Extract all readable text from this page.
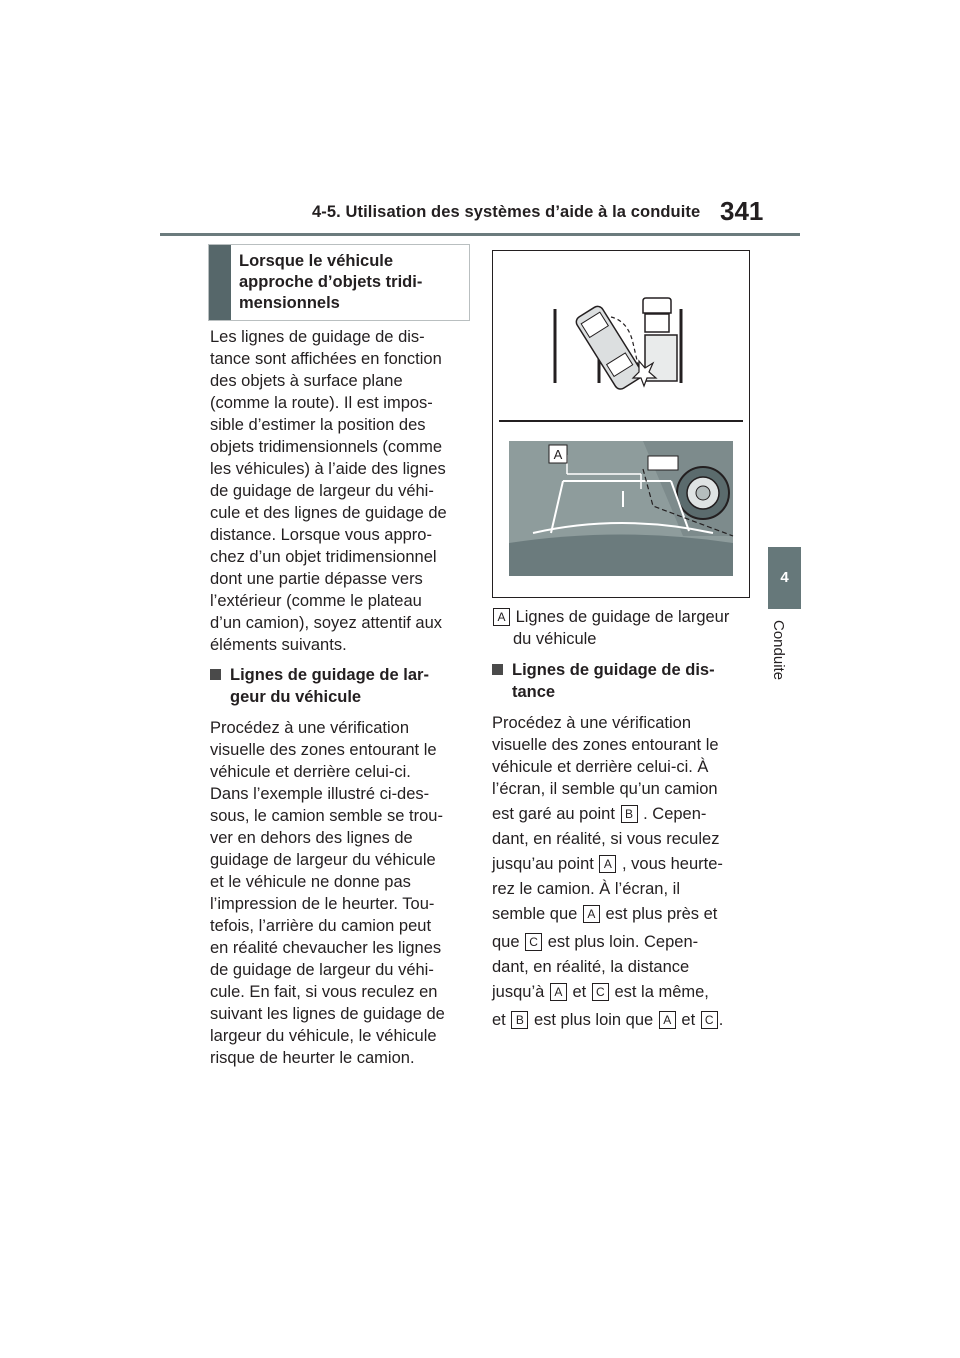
4-5. Utilisation des systèmes d’aide à la conduite 341
4
Conduite
Lorsque le véhicule approche d’objets tridi-mensionnels
Les lignes de guidage de dis-
tance sont affichées en fonction
des objets à surface plane
(comme la route). Il est impos-
sible d’estimer la position des
objets tridimensionnels (comme
les véhicules) à l’aide des lignes
de guidage de largeur du véhi-
cule et des lignes de guidage de
distance. Lorsque vous appro-
chez d’un objet tridimensionnel
dont une partie dépasse vers
l’extérieur (comme le plateau
d’un camion), soyez attentif aux
éléments suivants.
Lignes de guidage de lar-
geur du véhicule
Procédez à une vérification
visuelle des zones entourant le
véhicule et derrière celui-ci.
Dans l’exemple illustré ci-des-
sous, le camion semble se trou-
ver en dehors des lignes de
guidage de largeur du véhicule
et le véhicule ne donne pas
l’impression de le heurter. Tou-
tefois, l’arrière du camion peut
en réalité chevaucher les lignes
de guidage de largeur du véhi-
cule. En fait, si vous reculez en
suivant les lignes de guidage de
largeur du véhicule, le véhicule
risque de heurter le camion.
A
A Lignes de guidage de largeur
du véhicule
Lignes de guidage de dis-
tance
Procédez à une vérification
visuelle des zones entourant le
véhicule et derrière celui-ci. À
l’écran, il semble qu’un camion
est garé au point B . Cepen-
dant, en réalité, si vous reculez
jusqu’au point A , vous heurte-
rez le camion. À l’écran, il
semble que A est plus près et
que C est plus loin. Cepen-
dant, en réalité, la distance
jusqu’à A et C est la même,
et B est plus loin que A et C .
